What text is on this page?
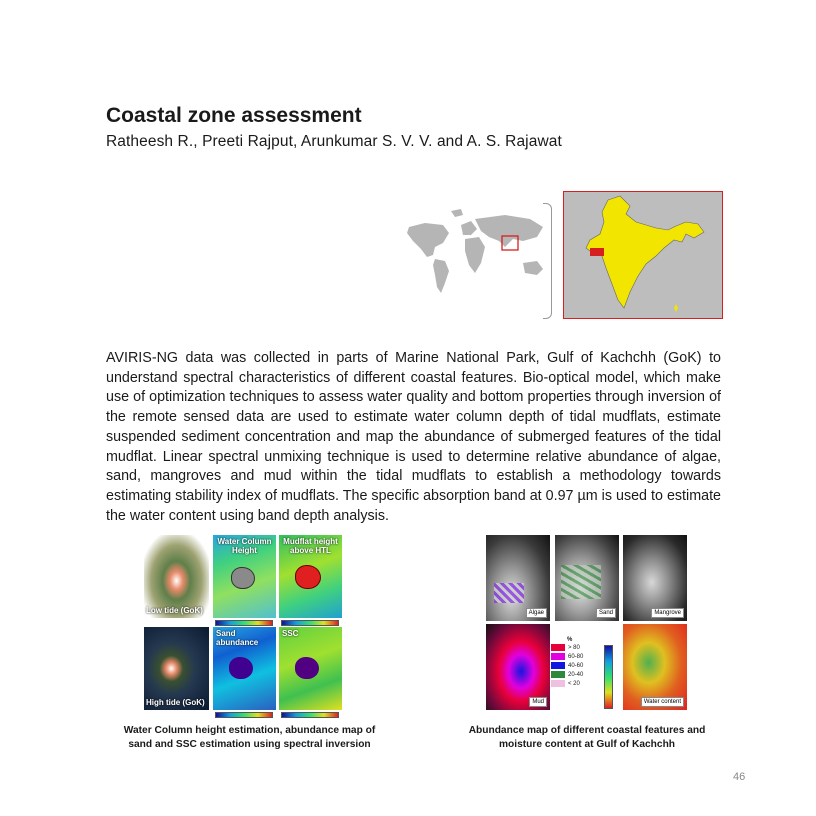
Coastal zone assessment

Ratheesh R., Preeti Rajput, Arunkumar S. V. V. and A. S. Rajawat

AVIRIS-NG data was collected in parts of Marine National Park, Gulf of Kachchh (GoK) to understand spectral characteristics of different coastal features. Bio-optical model, which make use of optimization techniques to assess water quality and bottom properties through inversion of the remote sensed data are used to estimate water column depth of tidal mudflats, estimate suspended sediment concentration and map the abundance of submerged features of the tidal mudflat. Linear spectral unmixing technique is used to determine relative abundance of algae, sand, mangroves and mud within the tidal mudflats to establish a methodology towards estimating stability index of mudflats. The specific absorption band at 0.97 µm is used to estimate the water content using band depth analysis.

Low tide (GoK)
Water Column Height
Mudflat height above HTL
High tide (GoK)
Sand abundance
SSC

Water Column height estimation, abundance map of sand and SSC estimation using spectral inversion

Algae	Sand	Mangrove
Mud
%
> 80
60-80
40-60
20-40
< 20
Water content

Abundance map of different coastal features and moisture content at Gulf of Kachchh

46
